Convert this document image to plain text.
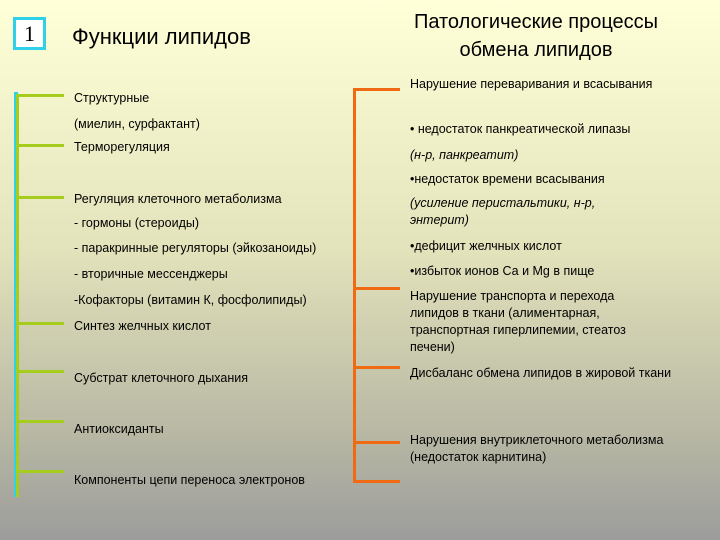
1	Функции липидов
Патологические процессы обмена липидов
Структурные
(миелин, сурфактант)
Терморегуляция
Регуляция клеточного метаболизма
- гормоны (стероиды)
- паракринные регуляторы (эйкозаноиды)
- вторичные мессенджеры
-Кофакторы (витамин К, фосфолипиды)
Синтез желчных кислот
Субстрат клеточного дыхания
Антиоксиданты
Компоненты цепи переноса электронов
Нарушение переваривания и всасывания
• недостаток панкреатической липазы
(н-р, панкреатит)
•недостаток времени всасывания
(усиление перистальтики, н-р, энтерит)
•дефицит желчных кислот
•избыток ионов Са и Mg в пище
Нарушение транспорта и перехода липидов в ткани (алиментарная, транспортная гиперлипемии, стеатоз печени)
Дисбаланс обмена липидов в жировой ткани
Нарушения внутриклеточного метаболизма (недостаток карнитина)
